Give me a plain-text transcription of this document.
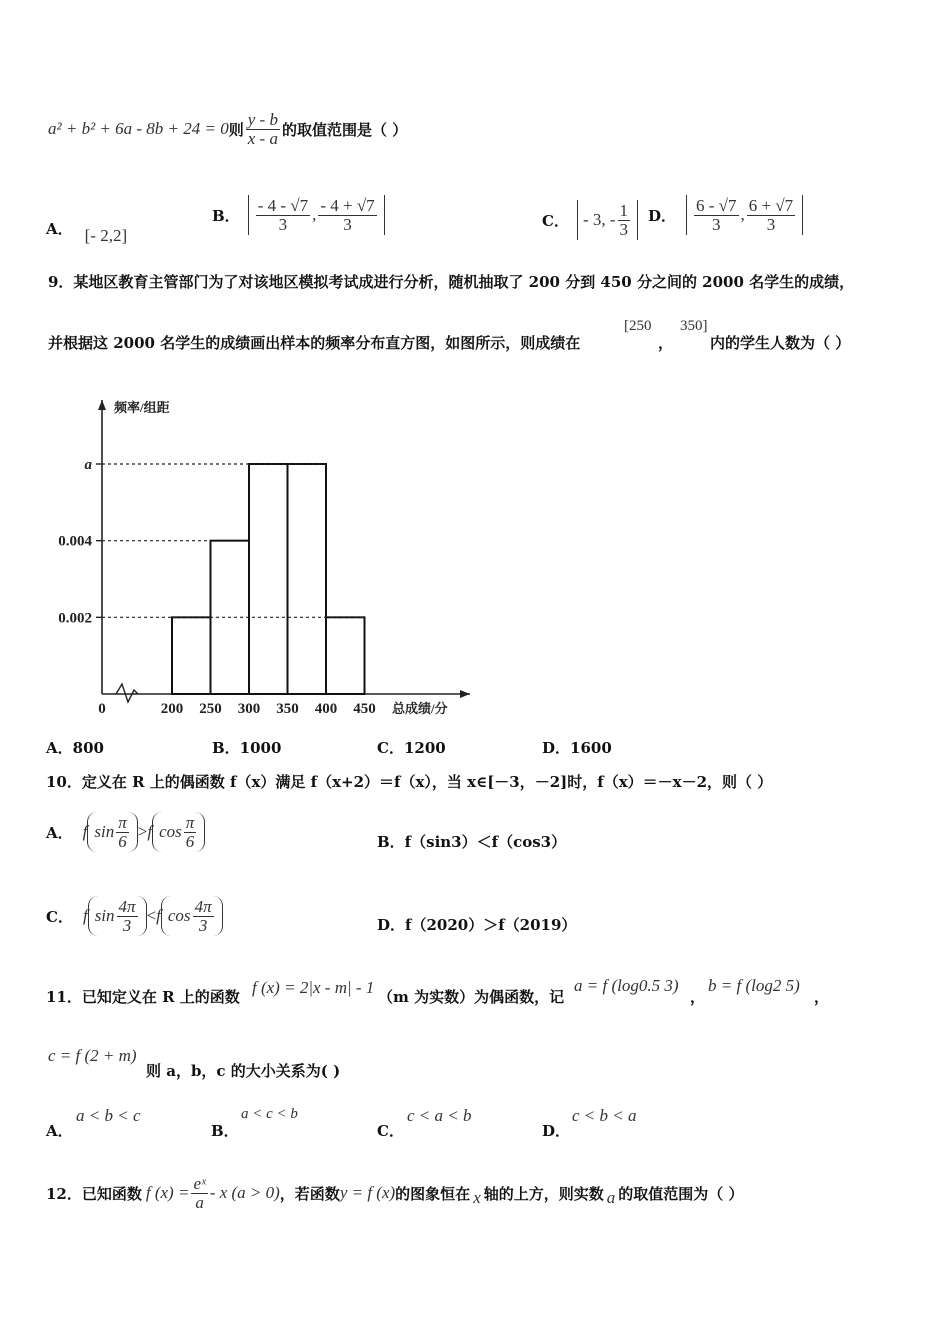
a² + b² + 6a - 8b + 24 = 0 则 $\frac{y - b}{x - a}$ 的取值范围是（ ）
A． [- 2,2]
B． $\frac{- 4 - √7}{3}$ , $\frac{- 4 + √7}{3}$	C． - 3, - $\frac{1}{3}$ D． $\frac{6 - √7}{3}$ , $\frac{6 + √7}{3}$
9．某地区教育主管部门为了对该地区模拟考试成进行分析，随机抽取了 200 分到 450 分之间的 2000 名学生的成绩，
并根据这 2000 名学生的成绩画出样本的频率分布直方图，如图所示，则成绩在
[250
，
350]
内的学生人数为（ ）
频率/组距
总成绩/分
0.002
0.004
a
0	200 250 300 350 400 450
A．800	B．1000	C．1200	D．1600
10．定义在 R 上的偶函数 f（x）满足 f（x+2）＝f（x），当 x∈[－3，－2]时，f（x）＝－x－2，则（ ）
A． f $\sin \frac{\pi}{6} > f$ $\cos \frac{\pi}{6}$	B．f（sin3）＜f（cos3）
C． f $\sin \frac{4\pi}{3} < f$ $\cos \frac{4\pi}{3}$	D．f（2020）＞f（2019）
11．已知定义在 R 上的函数 f (x) = 2|x - m| - 1 （m 为实数）为偶函数，记
a = f (log0.5 3)
，
b = f (log2 5)
，
c = f (2 + m)
则 a，b，c 的大小关系为( )
A．
a < b < c
B．
a < c < b
C．
c < a < b
D．
c < b < a
12．已知函数 f $(x) = \frac{\text{eˣ}}{a} - x$ (a > 0) ，若函数 y = f (x) 的图象恒在 x 轴的上方，则实数 a 的取值范围为（ ）
